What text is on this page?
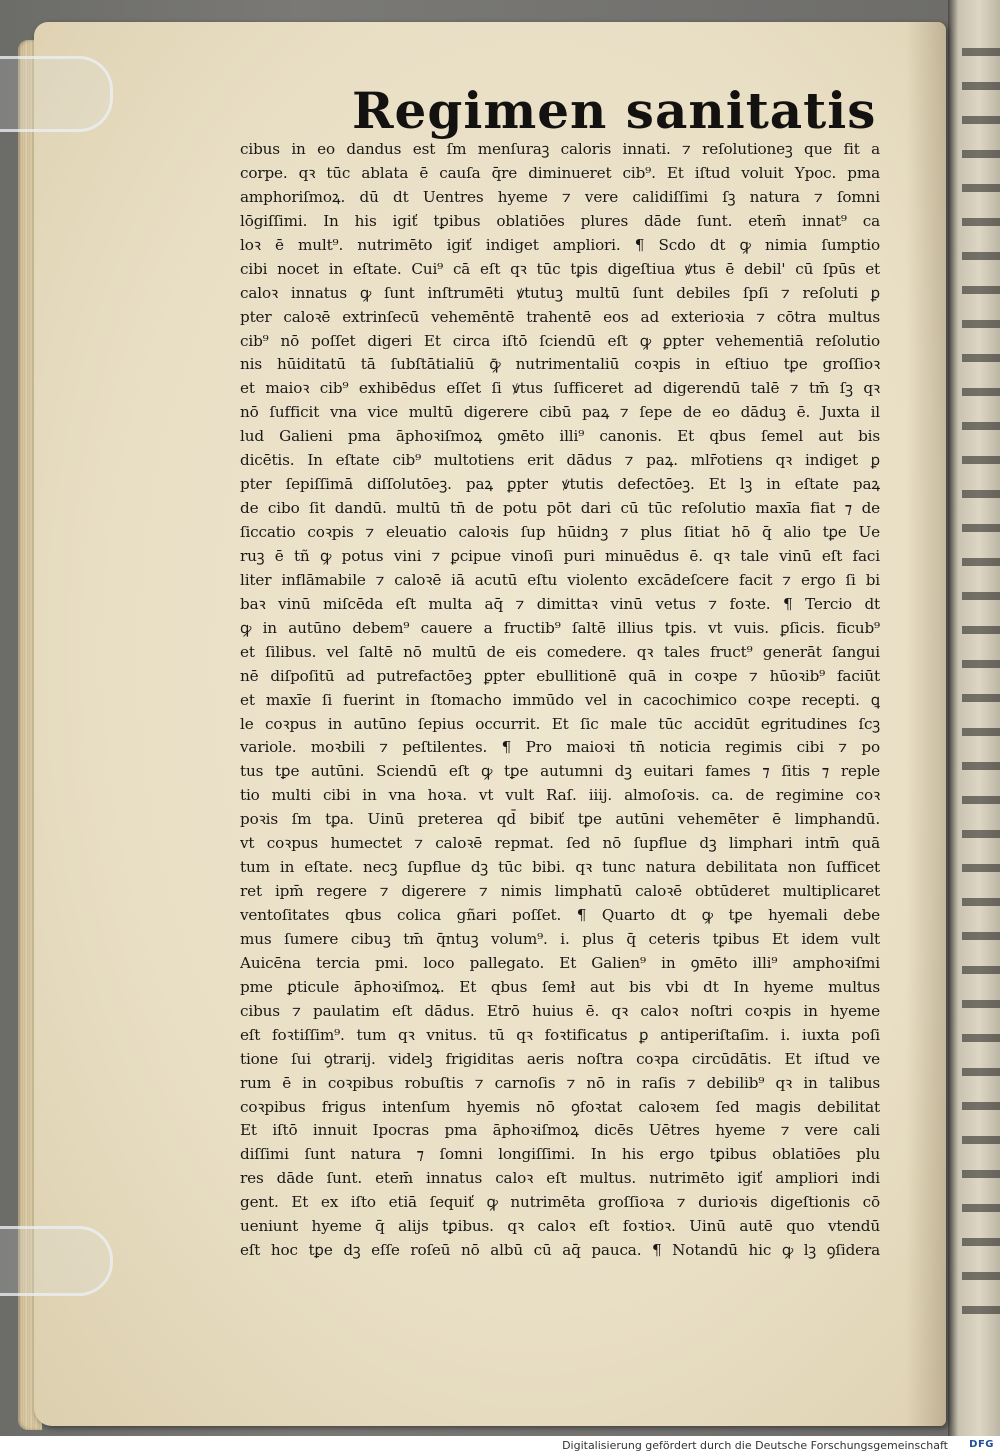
Regimen sanitatis
cibus in eo dandus est ſm menſuraꝫ caloris innati. ⁊ reſolutioneꝫ que fit a
corpe. qꝛ tūc ablata ē cauſa q̄re diminueret cib⁹. Et iſtud voluit Ypoc. pma
amphoriſmoꝝ. dū dt Uentres hyeme ⁊ vere calidiſſimi ſꝫ natura ⁊ ſomni
lōgiſſimi. In his igiť tꝑibus oblatiōes plures dāde ſunt. etem̄ innat⁹ ca
loꝛ ē mult⁹. nutrimēto igiť indiget ampliori. ¶ Scdo dt ꝙ nimia ſumptio
cibi nocet in eſtate. Cui⁹ cā eſt qꝛ tūc tꝑis digeſtiua ꝟtus ē debil' cū ſpūs et
caloꝛ innatus ꝙ ſunt inſtrumēti ꝟtutuꝫ multū ſunt debiles ſpſi ⁊ reſoluti ꝑ
pter caloꝛē extrinſecū vehemēntē trahentē eos ad exterioꝛia ⁊ cōtra multus
cib⁹ nō poſſet digeri Et circa iſtō ſciendū eſt ꝙ ꝑpter vehementiā reſolutio
nis hūiditatū tā ſubſtātialiū ꝙ̄ nutrimentaliū coꝛpis in eſtiuo tꝑe groſſioꝛ
et maioꝛ cib⁹ exhibēdus eſſet ſi ꝟtus ſufficeret ad digerendū talē ⁊ tm̄ ſꝫ qꝛ
nō ſufficit vna vice multū digerere cibū paꝝ ⁊ ſepe de eo dāduꝫ ē. Juxta il
lud Galieni pma āphoꝛiſmoꝝ ꝯmēto illi⁹ canonis. Et qbus ſemel aut bis
dicētis. In eſtate cib⁹ multotiens erit dādus ⁊ paꝝ. mlr̄otiens qꝛ indiget ꝑ
pter ſepiſſimā diſſolutōeꝫ. paꝝ ꝑpter ꝟtutis defectōeꝫ. Et lꝫ in eſtate paꝝ
de cibo ſit dandū. multū tn̄ de potu pōt dari cū tūc reſolutio maxīa fiat ⁊ de
ſiccatio coꝛpis ⁊ eleuatio caloꝛis ſup hūidnꝫ ⁊ plus ſitiat hō q̄ alio tꝑe Ue
ruꝫ ē tñ ꝙ potus vini ⁊ ꝑcipue vinoſi puri minuēdus ē. qꝛ tale vinū eſt faci
liter inflāmabile ⁊ caloꝛē iā acutū eſtu violento excādeſcere facit ⁊ ergo ſi bi
baꝛ vinū miſcēda eſt multa aq̄ ⁊ dimittaꝛ vinū vetus ⁊ foꝛte. ¶ Tercio dt
ꝙ in autūno debem⁹ cauere a fructib⁹ ſaltē illius tꝑis. vt vuis. ꝑſicis. ficub⁹
et ſilibus. vel ſaltē nō multū de eis comedere. qꝛ tales fruct⁹ generāt ſangui
nē diſpoſitū ad putrefactōeꝫ ꝑpter ebullitionē quā in coꝛpe ⁊ hūoꝛib⁹ faciūt
et maxīe ſi fuerint in ſtomacho immūdo vel in cacochimico coꝛpe recepti. ꝗ
le coꝛpus in autūno ſepius occurrit. Et ſic male tūc accidūt egritudines ſcꝫ
variole. moꝛbili ⁊ peſtilentes. ¶ Pro maioꝛi tn̄ noticia regimis cibi ⁊ po
tus tꝑe autūni. Sciendū eſt ꝙ tꝑe autumni dꝫ euitari fames ⁊ ſitis ⁊ reple
tio multi cibi in vna hoꝛa. vt vult Raſ. iiij. almoſoꝛis. ca. de regimine coꝛ
poꝛis ſm tꝑa. Uinū preterea qd̄ bibiť tꝑe autūni vehemēter ē limphandū.
vt coꝛpus humectet ⁊ caloꝛē repmat. ſed nō ſupflue dꝫ limphari intm̄ quā
tum in eſtate. necꝫ ſupflue dꝫ tūc bibi. qꝛ tunc natura debilitata non ſufficet
ret ipm̄ regere ⁊ digerere ⁊ nimis limphatū caloꝛē obtūderet multiplicaret
ventoſitates qbus colica gñari poſſet. ¶ Quarto dt ꝙ tꝑe hyemali debe
mus ſumere cibuꝫ tm̄ q̄ntuꝫ volum⁹. i. plus q̄ ceteris tꝑibus Et idem vult
Auicēna tercia pmi. loco pallegato. Et Galien⁹ in ꝯmēto illi⁹ amphoꝛiſmi
pme ꝑticule āphoꝛiſmoꝝ. Et qbus ſemł aut bis vbi dt In hyeme multus
cibus ⁊ paulatim eſt dādus. Etrō huius ē. qꝛ caloꝛ noſtri coꝛpis in hyeme
eſt foꝛtiſſim⁹. tum qꝛ vnitus. tū qꝛ foꝛtificatus ꝑ antiperiſtaſim. i. iuxta poſi
tione ſui ꝯtrarij. videlꝫ frigiditas aeris noſtra coꝛpa circūdātis. Et iſtud ve
rum ē in coꝛpibus robuſtis ⁊ carnoſis ⁊ nō in raſis ⁊ debilib⁹ qꝛ in talibus
coꝛpibus frigus intenſum hyemis nō ꝯfoꝛtat caloꝛem ſed magis debilitat
Et iſtō innuit Ipocras pma āphoꝛiſmoꝝ dicēs Uētres hyeme ⁊ vere cali
diſſimi ſunt natura ⁊ ſomni longiſſimi. In his ergo tꝑibus oblatiōes plu
res dāde ſunt. etem̄ innatus caloꝛ eſt multus. nutrimēto igiť ampliori indi
gent. Et ex iſto etiā ſequiť ꝙ nutrimēta groſſioꝛa ⁊ durioꝛis digeſtionis cō
ueniunt hyeme q̄ alijs tꝑibus. qꝛ caloꝛ eſt foꝛtioꝛ. Uinū autē quo vtendū
eſt hoc tꝑe dꝫ eſſe roſeū nō albū cū aq̄ pauca. ¶ Notandū hic ꝙ lꝫ ꝯſidera
Digitalisierung gefördert durch die Deutsche Forschungsgemeinschaft DFG
